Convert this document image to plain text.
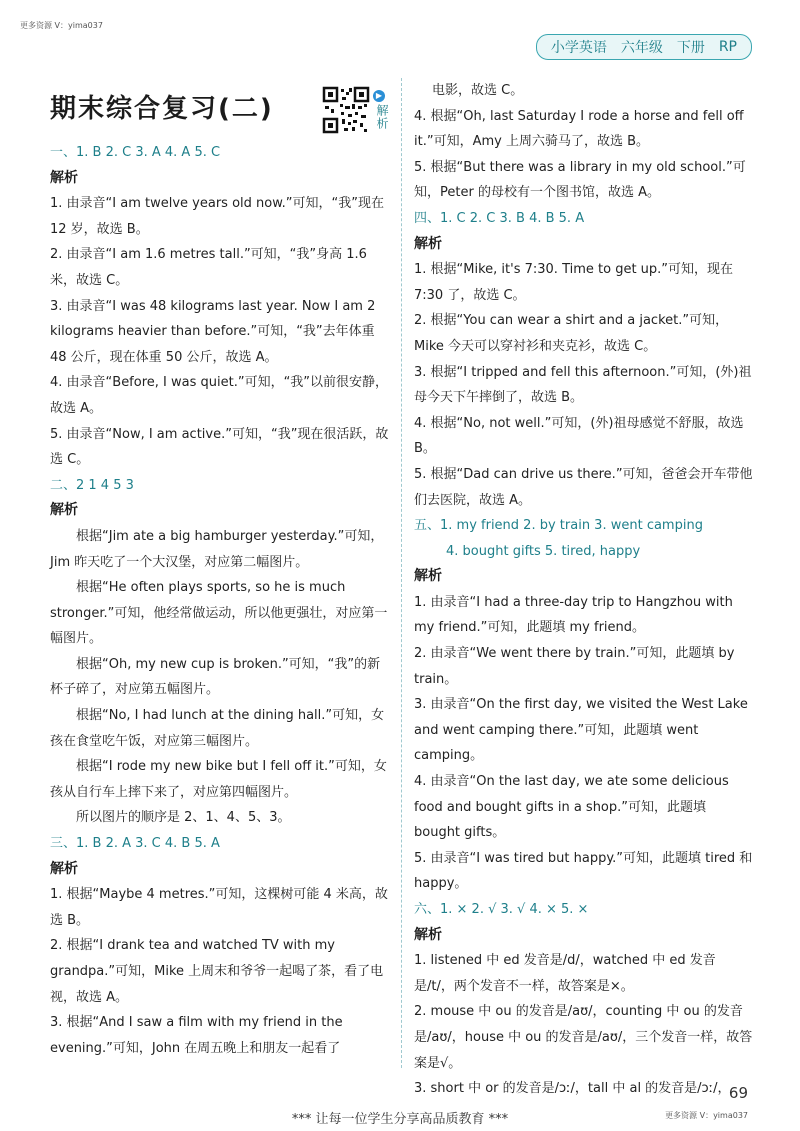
更多资源 V：yima037
小学英语 六年级 下册 RP
期末综合复习(二)	▶
解析
一、1. B 2. C 3. A 4. A 5. C
解析
1. 由录音“I am twelve years old now.”可知，“我”现在 12 岁，故选 B。
2. 由录音“I am 1.6 metres tall.”可知，“我”身高 1.6 米，故选 C。
3. 由录音“I was 48 kilograms last year. Now I am 2 kilograms heavier than before.”可知，“我”去年体重 48 公斤，现在体重 50 公斤，故选 A。
4. 由录音“Before, I was quiet.”可知，“我”以前很安静，故选 A。
5. 由录音“Now, I am active.”可知，“我”现在很活跃，故选 C。
二、2 1 4 5 3
解析
根据“Jim ate a big hamburger yesterday.”可知，Jim 昨天吃了一个大汉堡，对应第二幅图片。
根据“He often plays sports, so he is much stronger.”可知，他经常做运动，所以他更强壮，对应第一幅图片。
根据“Oh, my new cup is broken.”可知，“我”的新杯子碎了，对应第五幅图片。
根据“No, I had lunch at the dining hall.”可知，女孩在食堂吃午饭，对应第三幅图片。
根据“I rode my new bike but I fell off it.”可知，女孩从自行车上摔下来了，对应第四幅图片。
所以图片的顺序是 2、1、4、5、3。
三、1. B 2. A 3. C 4. B 5. A
解析
1. 根据“Maybe 4 metres.”可知，这棵树可能 4 米高，故选 B。
2. 根据“I drank tea and watched TV with my grandpa.”可知，Mike 上周末和爷爷一起喝了茶，看了电视，故选 A。
3. 根据“And I saw a film with my friend in the evening.”可知，John 在周五晚上和朋友一起看了
电影，故选 C。
4. 根据“Oh, last Saturday I rode a horse and fell off it.”可知，Amy 上周六骑马了，故选 B。
5. 根据“But there was a library in my old school.”可知，Peter 的母校有一个图书馆，故选 A。
四、1. C 2. C 3. B 4. B 5. A
解析
1. 根据“Mike, it's 7:30. Time to get up.”可知，现在 7:30 了，故选 C。
2. 根据“You can wear a shirt and a jacket.”可知，Mike 今天可以穿衬衫和夹克衫，故选 C。
3. 根据“I tripped and fell this afternoon.”可知，(外)祖母今天下午摔倒了，故选 B。
4. 根据“No, not well.”可知，(外)祖母感觉不舒服，故选 B。
5. 根据“Dad can drive us there.”可知，爸爸会开车带他们去医院，故选 A。
五、1. my friend 2. by train 3. went camping
4. bought gifts 5. tired, happy
解析
1. 由录音“I had a three-day trip to Hangzhou with my friend.”可知，此题填 my friend。
2. 由录音“We went there by train.”可知，此题填 by train。
3. 由录音“On the first day, we visited the West Lake and went camping there.”可知，此题填 went camping。
4. 由录音“On the last day, we ate some delicious food and bought gifts in a shop.”可知，此题填 bought gifts。
5. 由录音“I was tired but happy.”可知，此题填 tired 和 happy。
六、1. × 2. √ 3. √ 4. × 5. ×
解析
1. listened 中 ed 发音是/d/，watched 中 ed 发音是/t/，两个发音不一样，故答案是×。
2. mouse 中 ou 的发音是/aʊ/，counting 中 ou 的发音是/aʊ/，house 中 ou 的发音是/aʊ/，三个发音一样，故答案是√。
3. short 中 or 的发音是/ɔː/，tall 中 al 的发音是/ɔː/，
69
更多资源 V：yima037
*** 让每一位学生分享高品质教育 ***
